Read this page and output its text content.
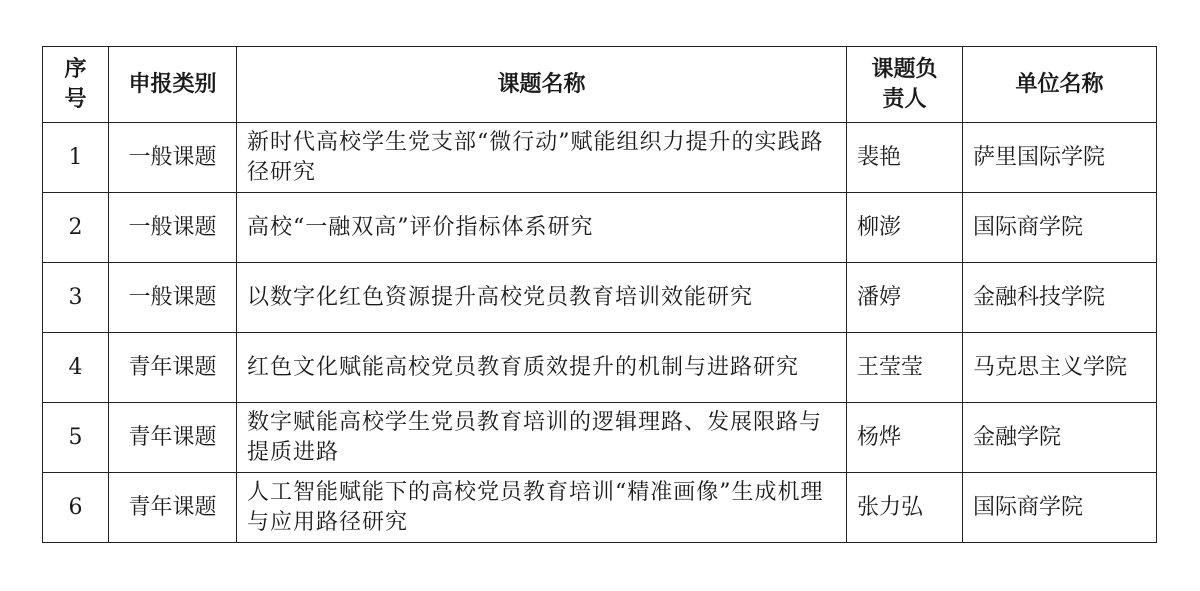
序号	申报类别	课题名称	课题负责人	单位名称
1	一般课题	新时代高校学生党支部“微行动”赋能组织力提升的实践路径研究	裴艳	萨里国际学院
2	一般课题	高校“一融双高”评价指标体系研究	柳澎	国际商学院
3	一般课题	以数字化红色资源提升高校党员教育培训效能研究	潘婷	金融科技学院
4	青年课题	红色文化赋能高校党员教育质效提升的机制与进路研究	王莹莹	马克思主义学院
5	青年课题	数字赋能高校学生党员教育培训的逻辑理路、发展限路与提质进路	杨烨	金融学院
6	青年课题	人工智能赋能下的高校党员教育培训“精准画像”生成机理与应用路径研究	张力弘	国际商学院
